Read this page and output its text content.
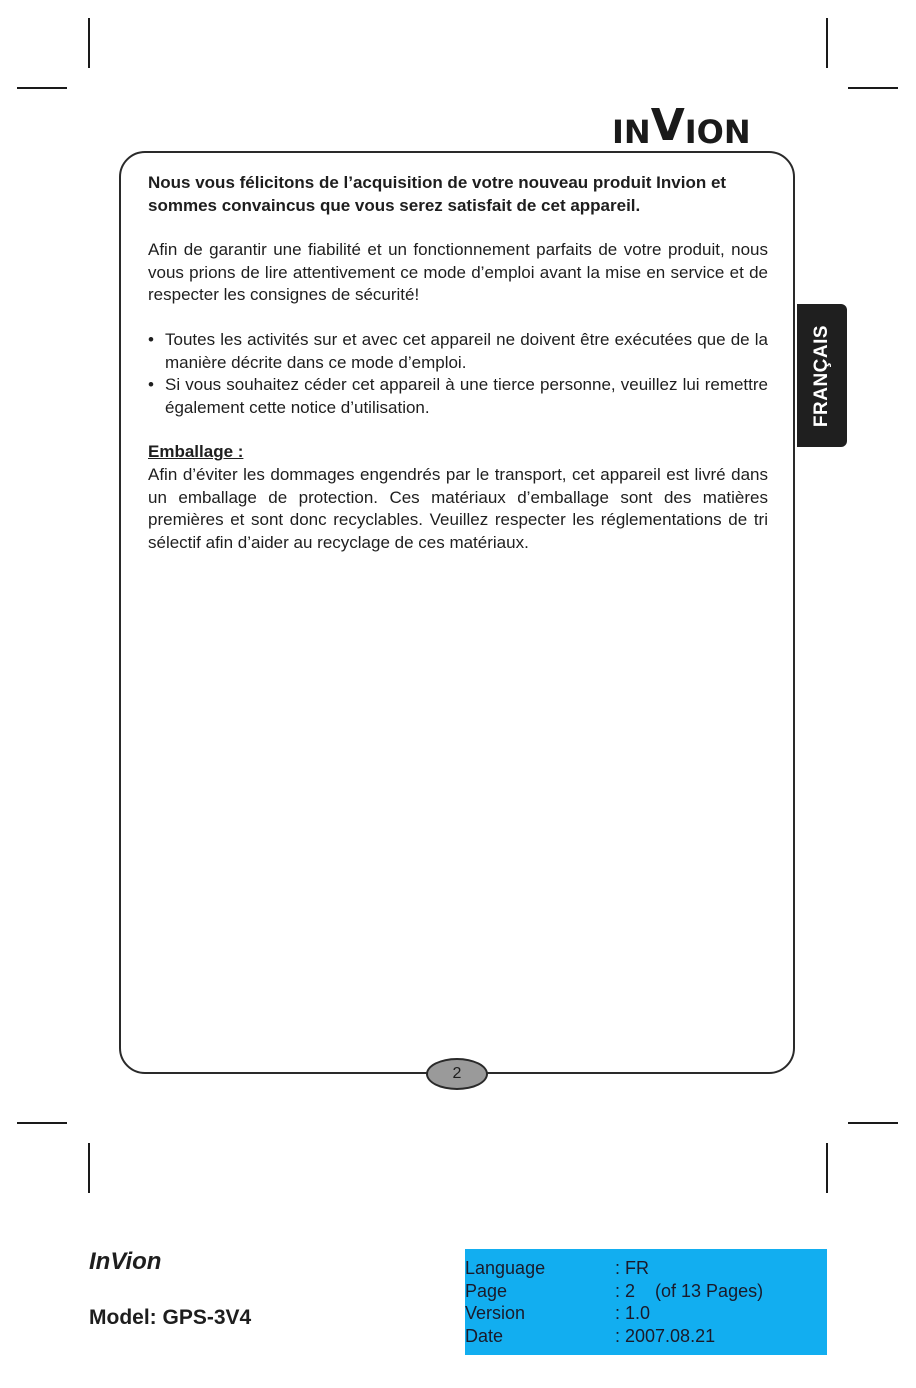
IN V ION

Nous vous félicitons de l’acquisition de votre nouveau produit Invion et sommes convaincus que vous serez satisfait de cet appareil.

Afin de garantir une fiabilité et un fonctionnement parfaits de votre produit, nous vous prions de lire attentivement ce mode d’emploi avant la mise en service et de respecter les consignes de sécurité!

• Toutes les activités sur et avec cet appareil ne doivent être exécutées que de la manière décrite dans ce mode d’emploi.
• Si vous souhaitez céder cet appareil à une tierce personne, veuillez lui remettre également cette notice d’utilisation.

Emballage :

Afin d’éviter les dommages engendrés par le transport, cet appareil est livré dans un emballage de protection. Ces matériaux d’emballage sont des matières premières et sont donc recyclables. Veuillez respecter les réglementations de tri sélectif afin d’aider au recyclage de ces matériaux.

FRANÇAIS
2
InVion
Model: GPS-3V4
Language	: FR
Page	: 2    (of 13 Pages)
Version	: 1.0
Date	: 2007.08.21
